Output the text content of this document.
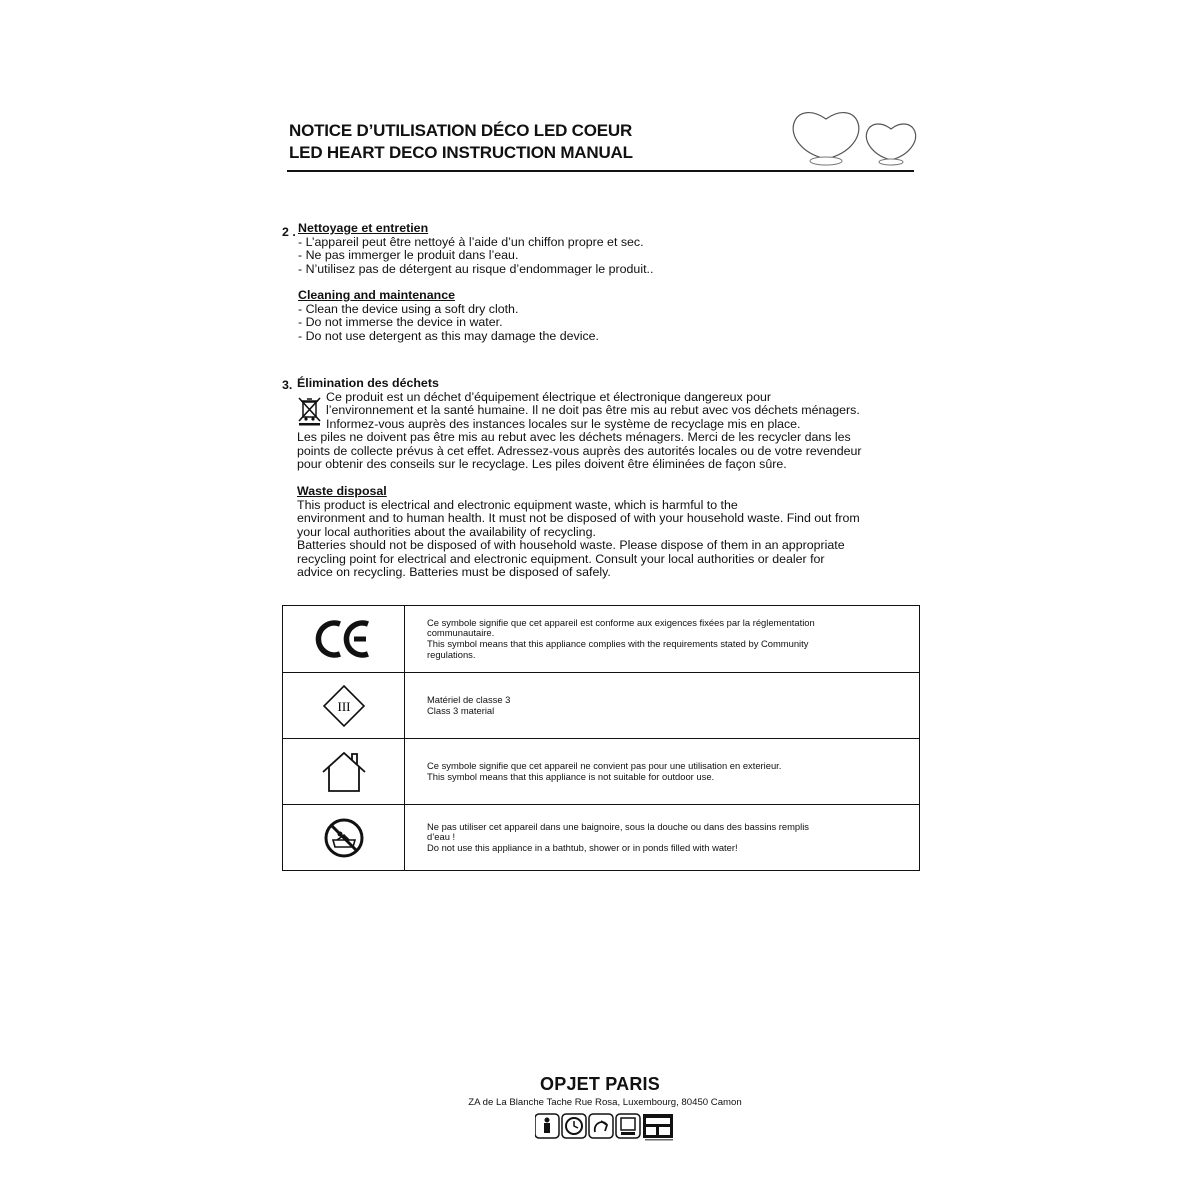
NOTICE D’UTILISATION DÉCO LED COEUR
LED HEART DECO INSTRUCTION MANUAL
2 . Nettoyage et entretien
- L’appareil peut être nettoyé à l’aide d’un chiffon propre et sec.
- Ne pas immerger le produit dans l’eau.
- N’utilisez pas de détergent au risque d’endommager le produit..
Cleaning and maintenance
- Clean the device using a soft dry cloth.
- Do not immerse the device in water.
- Do not use detergent as this may damage the device.
3. Élimination des déchets
Ce produit est un déchet d’équipement électrique et électronique dangereux pour
l’environnement et la santé humaine. Il ne doit pas être mis au rebut avec vos déchets ménagers.
Informez-vous auprès des instances locales sur le système de recyclage mis en place.
Les piles ne doivent pas être mis au rebut avec les déchets ménagers. Merci de les recycler dans les
points de collecte prévus à cet effet. Adressez-vous auprès des autorités locales ou de votre revendeur
pour obtenir des conseils sur le recyclage. Les piles doivent être éliminées de façon sûre.
Waste disposal
This product is electrical and electronic equipment waste, which is harmful to the
environment and to human health. It must not be disposed of with your household waste. Find out from
your local authorities about the availability of recycling.
Batteries should not be disposed of with household waste. Please dispose of them in an appropriate
recycling point for electrical and electronic equipment. Consult your local authorities or dealer for
advice on recycling. Batteries must be disposed of safely.
Ce symbole signifie que cet appareil est conforme aux exigences fixées par la réglementation
communautaire.
This symbol means that this appliance complies with the requirements stated by Community
regulations.
III	Matériel de classe 3
Class 3 material
Ce symbole signifie que cet appareil ne convient pas pour une utilisation en exterieur.
This symbol means that this appliance is not suitable for outdoor use.
Ne pas utiliser cet appareil dans une baignoire, sous la douche ou dans des bassins remplis
d’eau !
Do not use this appliance in a bathtub, shower or in ponds filled with water!
OPJET PARIS
ZA de La Blanche Tache Rue Rosa, Luxembourg, 80450 Camon
